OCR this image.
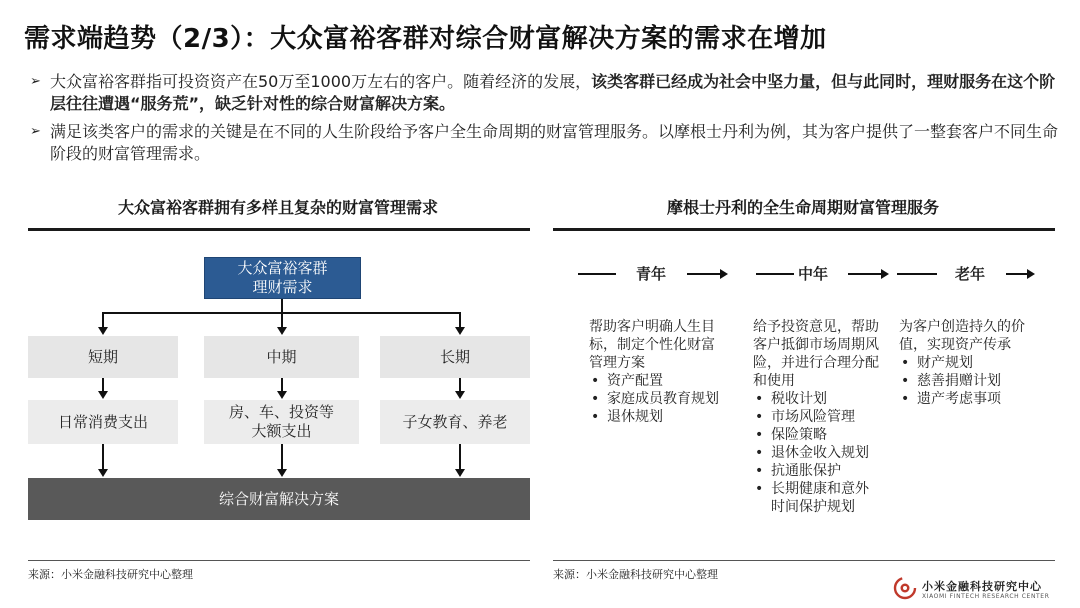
需求端趋势（2/3）：大众富裕客群对综合财富解决方案的需求在增加
➢ 大众富裕客群指可投资资产在50万至1000万左右的客户。随着经济的发展，该类客群已经成为社会中坚力量，但与此同时，理财服务在这个阶层往往遭遇“服务荒”，缺乏针对性的综合财富解决方案。
➢ 满足该类客户的需求的关键是在不同的人生阶段给予客户全生命周期的财富管理服务。以摩根士丹利为例，其为客户提供了一整套客户不同生命阶段的财富管理需求。
大众富裕客群拥有多样且复杂的财富管理需求	摩根士丹利的全生命周期财富管理服务
大众富裕客群
理财需求
短期	中期	长期
日常消费支出
房、车、投资等大额支出
子女教育、养老
综合财富解决方案
青年	中年	老年
帮助客户明确人生目标，制定个性化财富管理方案
• 资产配置
• 家庭成员教育规划
• 退休规划
给予投资意见，帮助客户抵御市场周期风险，并进行合理分配和使用
• 税收计划
• 市场风险管理
• 保险策略
• 退休金收入规划
• 抗通胀保护
• 长期健康和意外时间保护规划
为客户创造持久的价值，实现资产传承
• 财产规划
• 慈善捐赠计划
• 遗产考虑事项
来源：小米金融科技研究中心整理	来源：小米金融科技研究中心整理
小米金融科技研究中心
XIAOMI FINTECH RESEARCH CENTER
